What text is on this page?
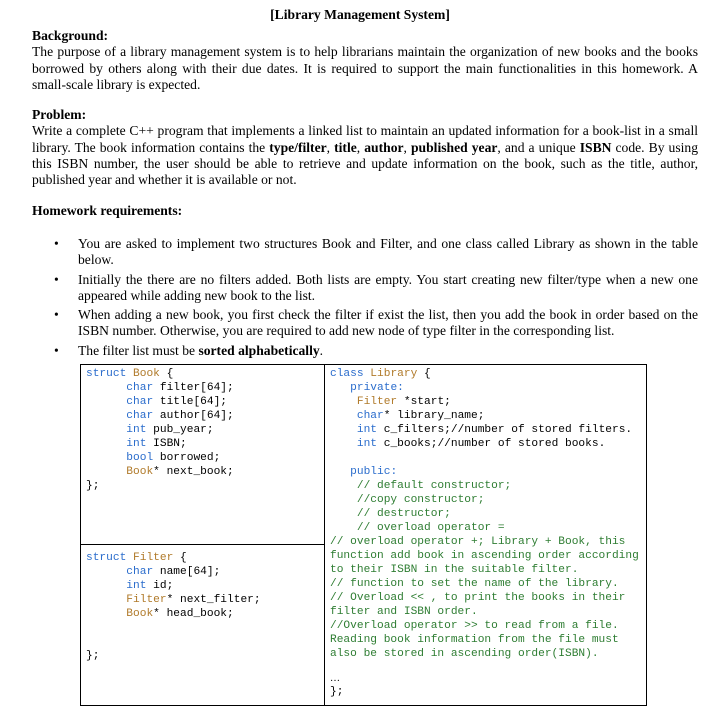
[Library Management System]
Background:

The purpose of a library management system is to help librarians maintain the organization of new books and the books borrowed by others along with their due dates. It is required to support the main functionalities in this homework. A small-scale library is expected.

Problem:

Write a complete C++ program that implements a linked list to maintain an updated information for a book-list in a small library. The book information contains the type/filter, title, author, published year, and a unique ISBN code. By using this ISBN number, the user should be able to retrieve and update information on the book, such as the title, author, published year and whether it is available or not.

Homework requirements:
• You are asked to implement two structures Book and Filter, and one class called Library as shown in the table below.
• Initially the there are no filters added. Both lists are empty. You start creating new filter/type when a new one appeared while adding new book to the list.
• When adding a new book, you first check the filter if exist the list, then you add the book in order based on the ISBN number. Otherwise, you are required to add new node of type filter in the corresponding list.
• The filter list must be sorted alphabetically.
struct Book {
char filter[64];
char title[64];
char author[64];
int pub_year;
int ISBN;
bool borrowed;
Book* next_book;
};
struct Filter {
char name[64];
int id;
Filter* next_filter;
Book* head_book;
};
class Library {
private:
Filter *start;
char* library_name;
int c_filters;//number of stored filters.
int c_books;//number of stored books.

public:
// default constructor;
//copy constructor;
// destructor;
// overload operator =
// overload operator +; Library + Book, this
function add book in ascending order according
to their ISBN in the suitable filter.
// function to set the name of the library.
// Overload << , to print the books in their
filter and ISBN order.
//Overload operator >> to read from a file.
Reading book information from the file must
also be stored in ascending order(ISBN).
…
};
